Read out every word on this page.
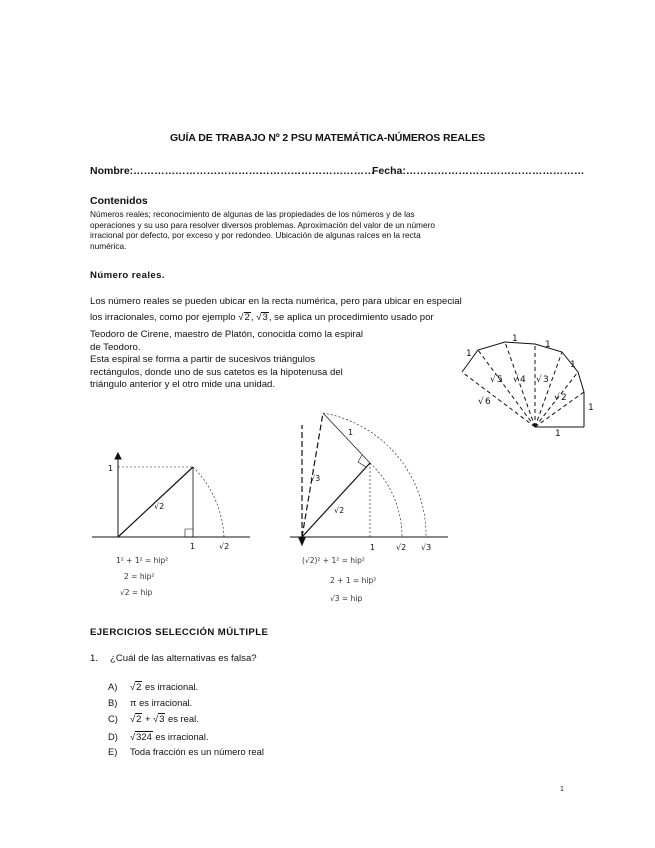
GUÍA DE TRABAJO Nº 2 PSU MATEMÁTICA-NÚMEROS REALES
Nombre:……………………………………………………………
Fecha:……………………………………………
Contenidos
Números reales; reconocimiento de algunas de las propiedades de los números y de las
operaciones y su uso para resolver diversos problemas. Aproximación del valor de un número
irracional por defecto, por exceso y por redondeo. Ubicación de algunas raíces en la recta
numérica.
Número reales.
Los número reales se pueden ubicar en la recta numérica, pero para ubicar en especial
los irracionales, como por ejemplo √2, √3, se aplica un procedimiento usado por
Teodoro de Cirene, maestro de Platón, conocida como la espiral
de Teodoro.
Esta espiral se forma a partir de sucesivos triángulos
rectángulos, donde uno de sus catetos es la hipotenusa del
triángulo anterior y el otro mide una unidad.
1
1
1
1
1
1
√ 5 √ 4 √ 3
√ 2
√ 6
1
1	√2
√2
1² + 1² = hip²
2 = hip²
√2 = hip
1
√3
√2
1	√2 √3
(√2)² + 1² = hip²
2 + 1 = hip²
√3 = hip
EJERCICIOS SELECCIÓN MÚLTIPLE
1. ¿Cuál de las alternativas es falsa?
A) √2 es irracional.
B) π es irracional.
C) √2 + √3 es real.
D) √324 es irracional.
E) Toda fracción es un número real
1
